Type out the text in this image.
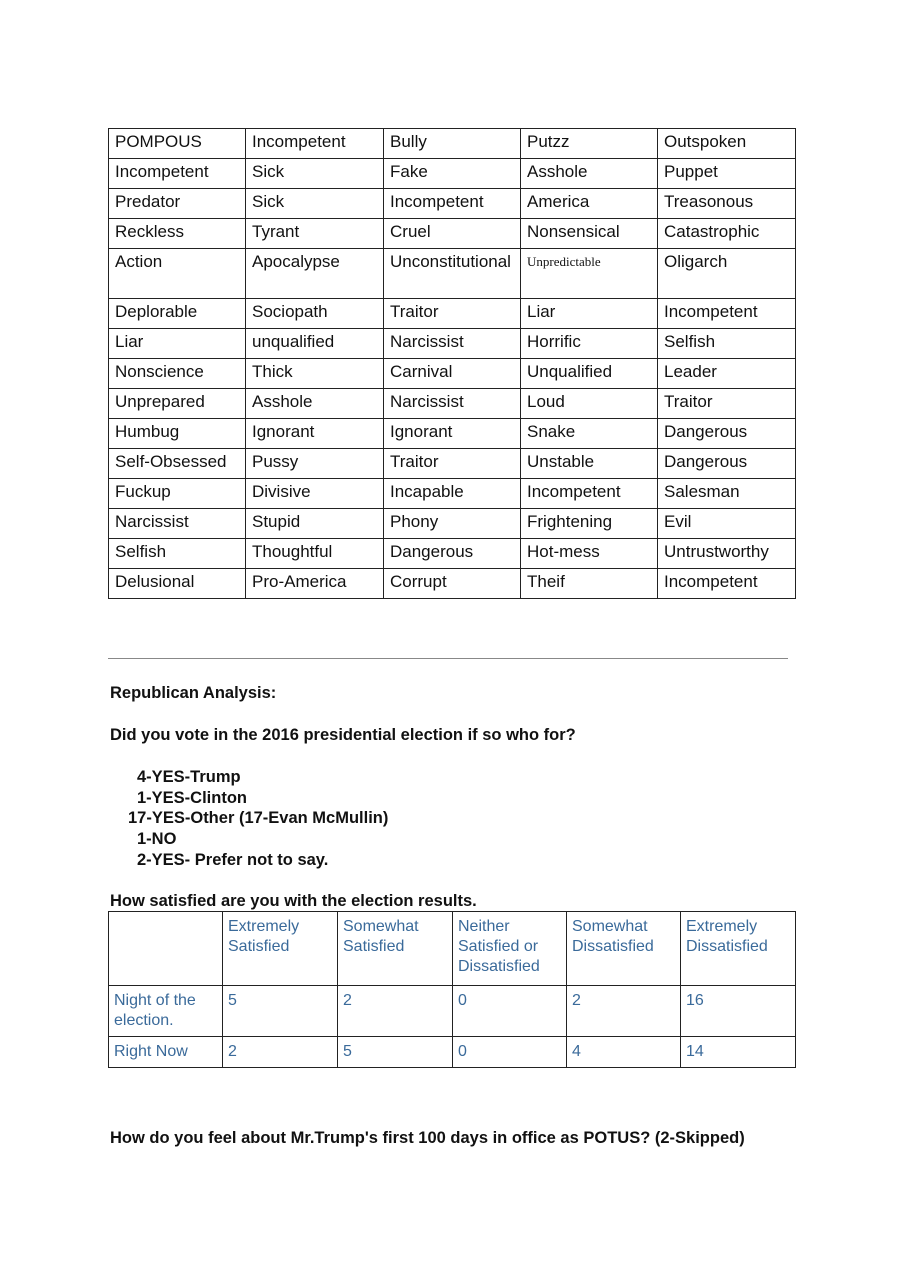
POMPOUS	Incompetent	Bully	Putzz	Outspoken
Incompetent	Sick	Fake	Asshole	Puppet
Predator	Sick	Incompetent	America	Treasonous
Reckless	Tyrant	Cruel	Nonsensical	Catastrophic
Action	Apocalypse	Unconstitutional	Unpredictable	Oligarch
Deplorable	Sociopath	Traitor	Liar	Incompetent
Liar	unqualified	Narcissist	Horrific	Selfish
Nonscience	Thick	Carnival	Unqualified	Leader
Unprepared	Asshole	Narcissist	Loud	Traitor
Humbug	Ignorant	Ignorant	Snake	Dangerous
Self-Obsessed	Pussy	Traitor	Unstable	Dangerous
Fuckup	Divisive	Incapable	Incompetent	Salesman
Narcissist	Stupid	Phony	Frightening	Evil
Selfish	Thoughtful	Dangerous	Hot-mess	Untrustworthy
Delusional	Pro-America	Corrupt	Theif	Incompetent
Republican Analysis:
Did you vote in the 2016 presidential election if so who for?
4-YES-Trump
1-YES-Clinton
17-YES-Other (17-Evan McMullin)
1-NO
2-YES- Prefer not to say.
How satisfied are you with the election results.
	Extremely Satisfied	Somewhat Satisfied	Neither Satisfied or Dissatisfied	Somewhat Dissatisfied	Extremely Dissatisfied
Night of the election.	5	2	0	2	16
Right Now	2	5	0	4	14
How do you feel about Mr.Trump's first 100 days in office as POTUS? (2-Skipped)
